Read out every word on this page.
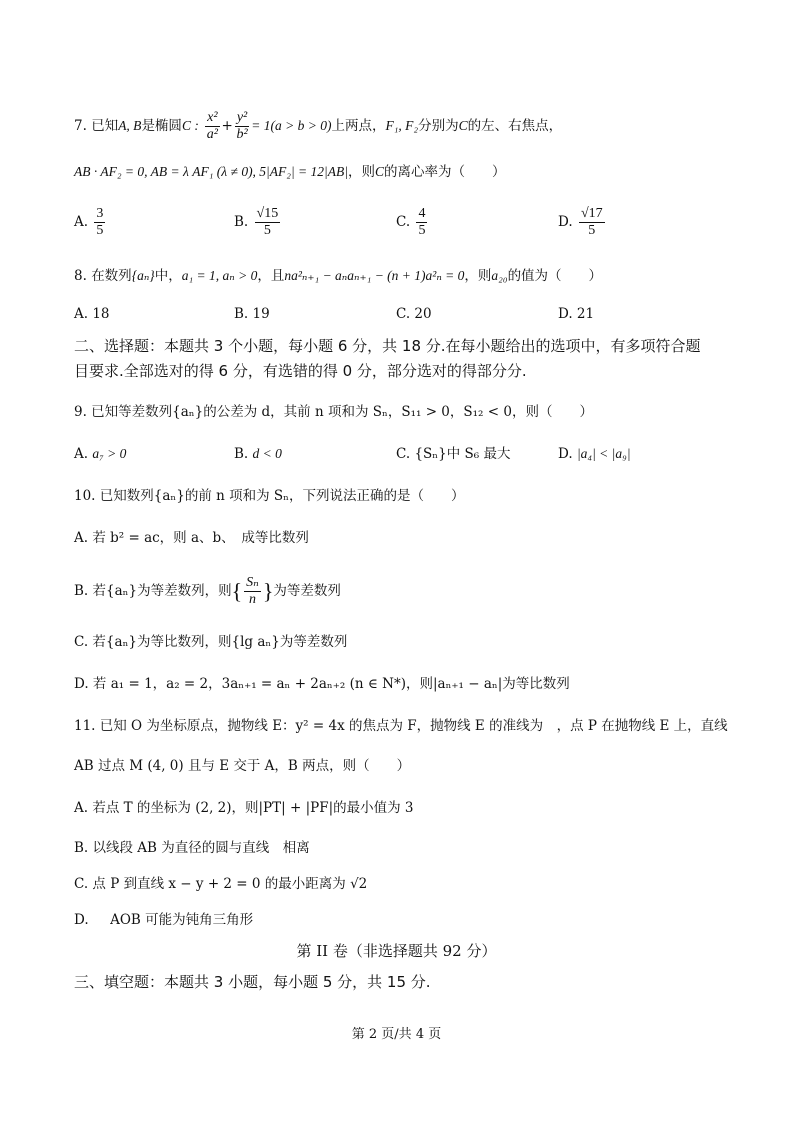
7. 已知A, B是椭圆C : $\frac{\text{x²}}{\text{a²}} + \frac{\text{y²}}{\text{b²}} = 1(a > b > 0)$上两点，F₁, F₂分别为C的左、右焦点，
AB · AF₂ = 0, AB = λ AF₁ (λ ≠ 0), 5|AF₂| = 12|AB|，则C的离心率为（　　）
A. $\frac{3}{5}$	B. $\frac{√15}{5}$	C. $\frac{4}{5}$	D. $\frac{√17}{5}$
8. 在数列{aₙ}中，a₁ = 1, aₙ > 0，且na²ₙ₊₁ − aₙaₙ₊₁ − (n + 1)a²ₙ = 0，则a₂₀的值为（　　）
A. 18	B. 19	C. 20	D. 21
二、选择题：本题共 3 个小题，每小题 6 分，共 18 分.在每小题给出的选项中，有多项符合题
目要求.全部选对的得 6 分，有选错的得 0 分，部分选对的得部分分.
9. 已知等差数列{aₙ}的公差为 d，其前 n 项和为 Sₙ，S₁₁ > 0，S₁₂ < 0，则（　　）
A. a₇ > 0	B. d < 0	C. {Sₙ}中 S₆ 最大	D. |a₄| < |a₉|
10. 已知数列{aₙ}的前 n 项和为 Sₙ，下列说法正确的是（　　）
A. 若 b² = ac，则 a、b、　成等比数列
B. 若{aₙ}为等差数列，则{ $\frac{\text{Sₙ}}{n}$ }为等差数列
C. 若{aₙ}为等比数列，则{lg aₙ}为等差数列
D. 若 a₁ = 1，a₂ = 2，3aₙ₊₁ = aₙ + 2aₙ₊₂ (n ∈ N*)，则|aₙ₊₁ − aₙ|为等比数列
11. 已知 O 为坐标原点，抛物线 E：y² = 4x 的焦点为 F，抛物线 E 的准线为　，点 P 在抛物线 E 上，直线
AB 过点 M (4, 0) 且与 E 交于 A，B 两点，则（　　）
A. 若点 T 的坐标为 (2, 2)，则|PT| + |PF|的最小值为 3
B. 以线段 AB 为直径的圆与直线　相离
C. 点 P 到直线 x − y + 2 = 0 的最小距离为 √2
D. AOB 可能为钝角三角形
第 II 卷（非选择题共 92 分）
三、填空题：本题共 3 小题，每小题 5 分，共 15 分.
第 2 页/共 4 页
